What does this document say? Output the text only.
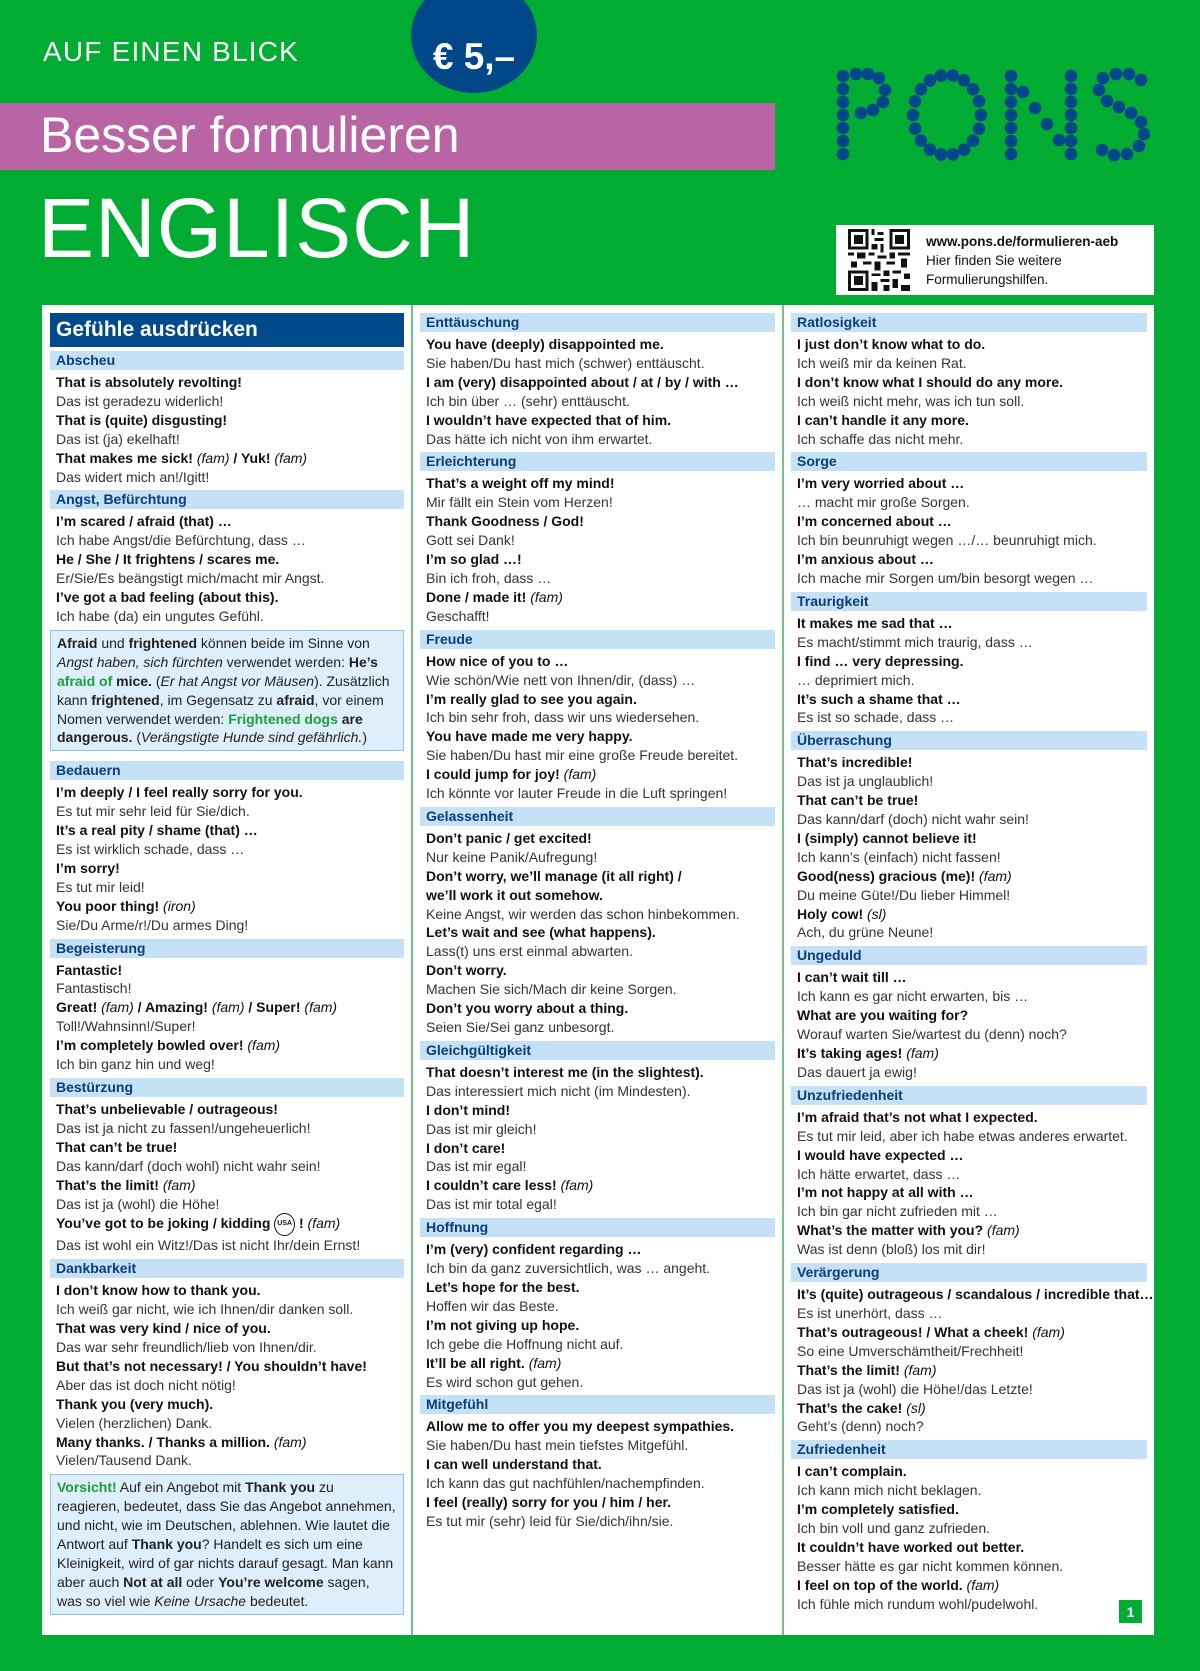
AUF EINEN BLICK	€ 5,–
Besser formulieren
ENGLISCH	www.pons.de/formulieren-aeb
Hier finden Sie weitere
Formulierungshilfen.
Gefühle ausdrücken
Abscheu
That is absolutely revolting!
Das ist geradezu widerlich!
That is (quite) disgusting!
Das ist (ja) ekelhaft!
That makes me sick! (fam) / Yuk! (fam)
Das widert mich an!/Igitt!
Angst, Befürchtung
I’m scared / afraid (that) …
Ich habe Angst/die Befürchtung, dass …
He / She / It frightens / scares me.
Er/Sie/Es beängstigt mich/macht mir Angst.
I’ve got a bad feeling (about this).
Ich habe (da) ein ungutes Gefühl.
Afraid und frightened können beide im Sinne von Angst haben, sich fürchten verwendet werden: He’s afraid of mice. (Er hat Angst vor Mäusen). Zusätzlich kann frightened, im Gegensatz zu afraid, vor einem Nomen verwendet werden: Frightened dogs are dangerous. (Verängstigte Hunde sind gefährlich.)
Bedauern
I’m deeply / I feel really sorry for you.
Es tut mir sehr leid für Sie/dich.
It’s a real pity / shame (that) …
Es ist wirklich schade, dass …
I’m sorry!
Es tut mir leid!
You poor thing! (iron)
Sie/Du Arme/r!/Du armes Ding!
Begeisterung
Fantastic!
Fantastisch!
Great! (fam) / Amazing! (fam) / Super! (fam)
Toll!/Wahnsinn!/Super!
I’m completely bowled over! (fam)
Ich bin ganz hin und weg!
Bestürzung
That’s unbelievable / outrageous!
Das ist ja nicht zu fassen!/ungeheuerlich!
That can’t be true!
Das kann/darf (doch wohl) nicht wahr sein!
That’s the limit! (fam)
Das ist ja (wohl) die Höhe!
You’ve got to be joking / kidding USA ! (fam)
Das ist wohl ein Witz!/Das ist nicht Ihr/dein Ernst!
Dankbarkeit
I don’t know how to thank you.
Ich weiß gar nicht, wie ich Ihnen/dir danken soll.
That was very kind / nice of you.
Das war sehr freundlich/lieb von Ihnen/dir.
But that’s not necessary! / You shouldn’t have!
Aber das ist doch nicht nötig!
Thank you (very much).
Vielen (herzlichen) Dank.
Many thanks. / Thanks a million. (fam)
Vielen/Tausend Dank.
Vorsicht! Auf ein Angebot mit Thank you zu reagieren, bedeutet, dass Sie das Angebot annehmen, und nicht, wie im Deutschen, ablehnen. Wie lautet die Antwort auf Thank you? Handelt es sich um eine Kleinigkeit, wird of gar nichts darauf gesagt. Man kann aber auch Not at all oder You’re welcome sagen, was so viel wie Keine Ursache bedeutet.
Enttäuschung
You have (deeply) disappointed me.
Sie haben/Du hast mich (schwer) enttäuscht.
I am (very) disappointed about / at / by / with …
Ich bin über … (sehr) enttäuscht.
I wouldn’t have expected that of him.
Das hätte ich nicht von ihm erwartet.
Erleichterung
That’s a weight off my mind!
Mir fällt ein Stein vom Herzen!
Thank Goodness / God!
Gott sei Dank!
I’m so glad …!
Bin ich froh, dass …
Done / made it! (fam)
Geschafft!
Freude
How nice of you to …
Wie schön/Wie nett von Ihnen/dir, (dass) …
I’m really glad to see you again.
Ich bin sehr froh, dass wir uns wiedersehen.
You have made me very happy.
Sie haben/Du hast mir eine große Freude bereitet.
I could jump for joy! (fam)
Ich könnte vor lauter Freude in die Luft springen!
Gelassenheit
Don’t panic / get excited!
Nur keine Panik/Aufregung!
Don’t worry, we’ll manage (it all right) /
we’ll work it out somehow.
Keine Angst, wir werden das schon hinbekommen.
Let’s wait and see (what happens).
Lass(t) uns erst einmal abwarten.
Don’t worry.
Machen Sie sich/Mach dir keine Sorgen.
Don’t you worry about a thing.
Seien Sie/Sei ganz unbesorgt.
Gleichgültigkeit
That doesn’t interest me (in the slightest).
Das interessiert mich nicht (im Mindesten).
I don’t mind!
Das ist mir gleich!
I don’t care!
Das ist mir egal!
I couldn’t care less! (fam)
Das ist mir total egal!
Hoffnung
I’m (very) confident regarding …
Ich bin da ganz zuversichtlich, was … angeht.
Let’s hope for the best.
Hoffen wir das Beste.
I’m not giving up hope.
Ich gebe die Hoffnung nicht auf.
It’ll be all right. (fam)
Es wird schon gut gehen.
Mitgefühl
Allow me to offer you my deepest sympathies.
Sie haben/Du hast mein tiefstes Mitgefühl.
I can well understand that.
Ich kann das gut nachfühlen/nachempfinden.
I feel (really) sorry for you / him / her.
Es tut mir (sehr) leid für Sie/dich/ihn/sie.
Ratlosigkeit
I just don’t know what to do.
Ich weiß mir da keinen Rat.
I don’t know what I should do any more.
Ich weiß nicht mehr, was ich tun soll.
I can’t handle it any more.
Ich schaffe das nicht mehr.
Sorge
I’m very worried about …
… macht mir große Sorgen.
I’m concerned about …
Ich bin beunruhigt wegen …/… beunruhigt mich.
I’m anxious about …
Ich mache mir Sorgen um/bin besorgt wegen …
Traurigkeit
It makes me sad that …
Es macht/stimmt mich traurig, dass …
I find … very depressing.
… deprimiert mich.
It’s such a shame that …
Es ist so schade, dass …
Überraschung
That’s incredible!
Das ist ja unglaublich!
That can’t be true!
Das kann/darf (doch) nicht wahr sein!
I (simply) cannot believe it!
Ich kann’s (einfach) nicht fassen!
Good(ness) gracious (me)! (fam)
Du meine Güte!/Du lieber Himmel!
Holy cow! (sl)
Ach, du grüne Neune!
Ungeduld
I can’t wait till …
Ich kann es gar nicht erwarten, bis …
What are you waiting for?
Worauf warten Sie/wartest du (denn) noch?
It’s taking ages! (fam)
Das dauert ja ewig!
Unzufriedenheit
I’m afraid that’s not what I expected.
Es tut mir leid, aber ich habe etwas anderes erwartet.
I would have expected …
Ich hätte erwartet, dass …
I’m not happy at all with …
Ich bin gar nicht zufrieden mit …
What’s the matter with you? (fam)
Was ist denn (bloß) los mit dir!
Verärgerung
It’s (quite) outrageous / scandalous / incredible that…
Es ist unerhört, dass …
That’s outrageous! / What a cheek! (fam)
So eine Umverschämtheit/Frechheit!
That’s the limit! (fam)
Das ist ja (wohl) die Höhe!/das Letzte!
That’s the cake! (sl)
Geht’s (denn) noch?
Zufriedenheit
I can’t complain.
Ich kann mich nicht beklagen.
I’m completely satisfied.
Ich bin voll und ganz zufrieden.
It couldn’t have worked out better.
Besser hätte es gar nicht kommen können.
I feel on top of the world. (fam)
Ich fühle mich rundum wohl/pudelwohl.	1
